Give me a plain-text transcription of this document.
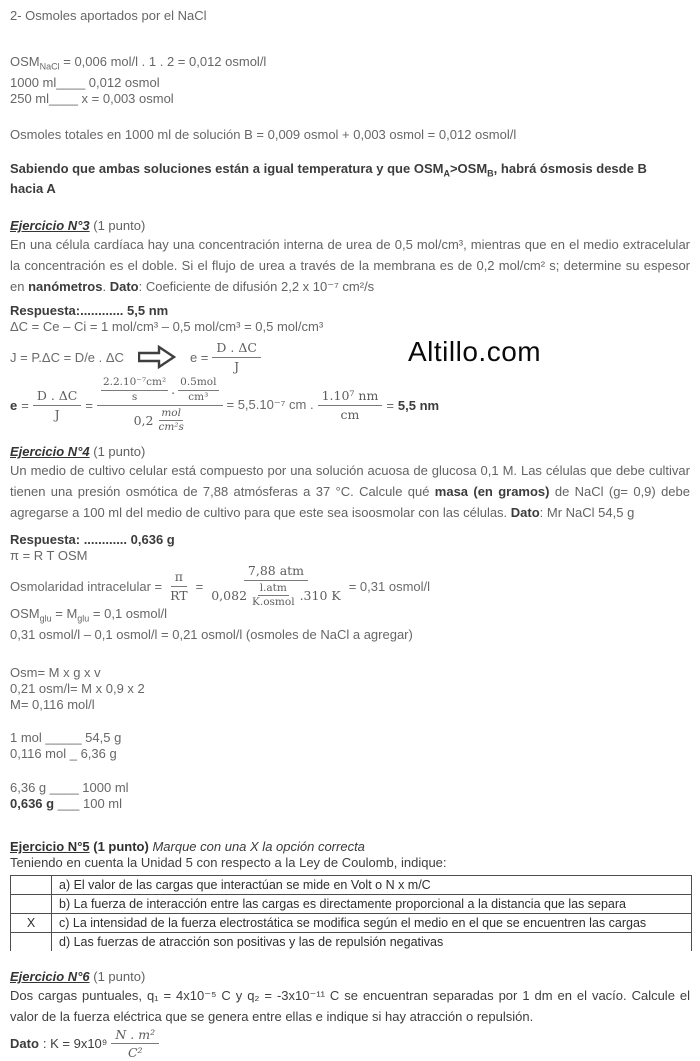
Altillo.com

2- Osmoles aportados por el NaCl

$OSM_{NaCl} = 0,006$ mol/l . 1 . 2 = 0,012 osmol/l

1000 ml____ 0,012 osmol

250 ml____ x = 0,003 osmol

Osmoles totales en 1000 ml de solución B = 0,009 osmol + 0,003 osmol = 0,012 osmol/l

Sabiendo que ambas soluciones están a igual temperatura y que $OSM_A>OSM_B$, habrá ósmosis desde B hacia A

Ejercicio N°3 (1 punto)

En una célula cardíaca hay una concentración interna de urea de 0,5 mol/cm³, mientras que en el medio extracelular la concentración es el doble. Si el flujo de urea a través de la membrana es de 0,2 mol/cm² s; determine su espesor en nanómetros. Dato: Coeficiente de difusión 2,2 x 10⁻⁷ cm²/s

Respuesta:............ 5,5 nm

ΔC = Ce – Ci = 1 mol/cm³ – 0,5 mol/cm³ = 0,5 mol/cm³

J = P.ΔC = D/e . ΔC	$e = \frac{D . \Delta C}{J}$
$e = \frac{D . \Delta C}{J} = \frac{\frac{\text{2.2.10⁻⁷cm²}}{s} . \frac{\text{0.5mol}}{\text{cm³}}}{0,2 \frac{\text{mol}}{\text{cm²s}}} = 5,5.10^{-7}$ cm . $\frac{\text{1.10⁷ nm}}{cm} = 5,5$ nm

Ejercicio N°4 (1 punto)

Un medio de cultivo celular está compuesto por una solución acuosa de glucosa 0,1 M. Las células que debe cultivar tienen una presión osmótica de 7,88 atmósferas a 37 °C. Calcule qué masa (en gramos) de NaCl (g= 0,9) debe agregarse a 100 ml del medio de cultivo para que este sea isoosmolar con las células. Dato: Mr NaCl 54,5 g

Respuesta: ............ 0,636 g

π = R T OSM

Osmolaridad intracelular = $\frac{\pi}{RT} = \frac{\text{7,88 atm}}{0,082 \frac{\text{l.atm}}{\text{K.osmol}} .310 K} = 0,31$ osmol/l

$OSM_{glu} = M_{glu} = 0,1$ osmol/l

0,31 osmol/l – 0,1 osmol/l = 0,21 osmol/l (osmoles de NaCl a agregar)

Osm= M x g x v

0,21 osm/l= M x 0,9 x 2

M= 0,116 mol/l

1 mol _____ 54,5 g

0,116 mol _ 6,36 g

6,36 g ____ 1000 ml

0,636 g ___ 100 ml

Ejercicio N°5 (1 punto) Marque con una X la opción correcta

Teniendo en cuenta la Unidad 5 con respecto a la Ley de Coulomb, indique:

	a) El valor de las cargas que interactúan se mide en Volt o N x m/C
	b) La fuerza de interacción entre las cargas es directamente proporcional a la distancia que las separa
X	c) La intensidad de la fuerza electrostática se modifica según el medio en el que se encuentren las cargas
	d) Las fuerzas de atracción son positivas y las de repulsión negativas

Ejercicio N°6 (1 punto)

Dos cargas puntuales, q₁ = 4x10⁻⁵ C y q₂ = -3x10⁻¹¹ C se encuentran separadas por 1 dm en el vacío. Calcule el valor de la fuerza eléctrica que se genera entre ellas e indique si hay atracción o repulsión.
Dato : $K = 9x10^9 \frac{\text{N . m²}}{\text{C²}}$
